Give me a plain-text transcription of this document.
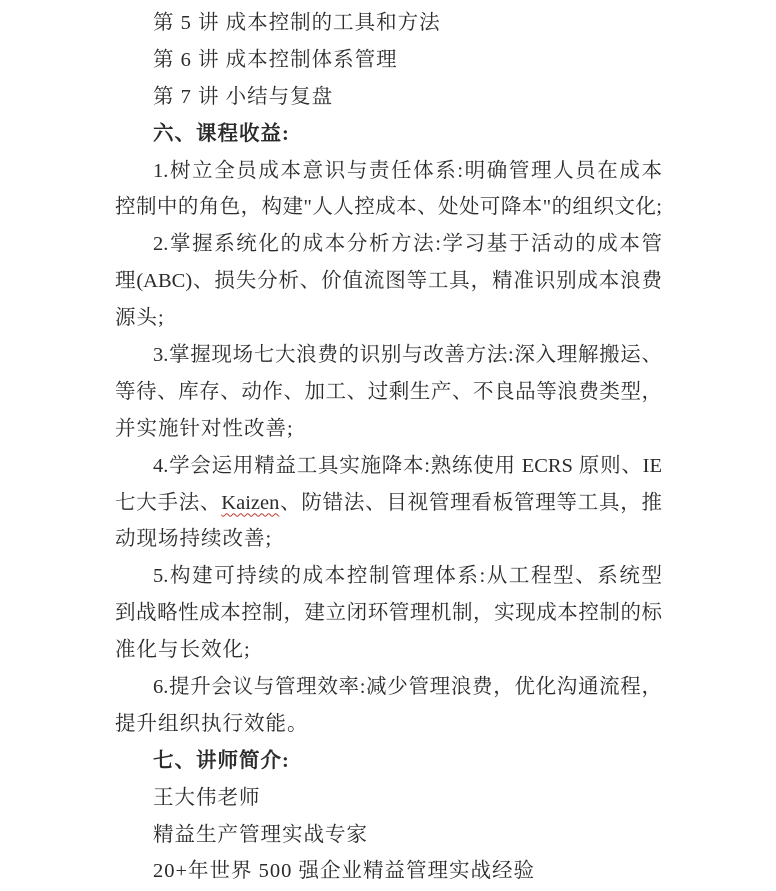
第 5 讲 成本控制的工具和方法
第 6 讲 成本控制体系管理
第 7 讲 小结与复盘
六、课程收益:
1.树立全员成本意识与责任体系:明确管理人员在成本
控制中的角色，构建"人人控成本、处处可降本"的组织文化;
2.掌握系统化的成本分析方法:学习基于活动的成本管
理(ABC)、损失分析、价值流图等工具，精准识别成本浪费
源头;
3.掌握现场七大浪费的识别与改善方法:深入理解搬运、
等待、库存、动作、加工、过剩生产、不良品等浪费类型，
并实施针对性改善;
4.学会运用精益工具实施降本:熟练使用 ECRS 原则、IE
七大手法、Kaizen、防错法、目视管理看板管理等工具，推
动现场持续改善;
5.构建可持续的成本控制管理体系:从工程型、系统型
到战略性成本控制，建立闭环管理机制，实现成本控制的标
准化与长效化;
6.提升会议与管理效率:减少管理浪费，优化沟通流程，
提升组织执行效能。
七、讲师简介:
王大伟老师
精益生产管理实战专家
20+年世界 500 强企业精益管理实战经验
